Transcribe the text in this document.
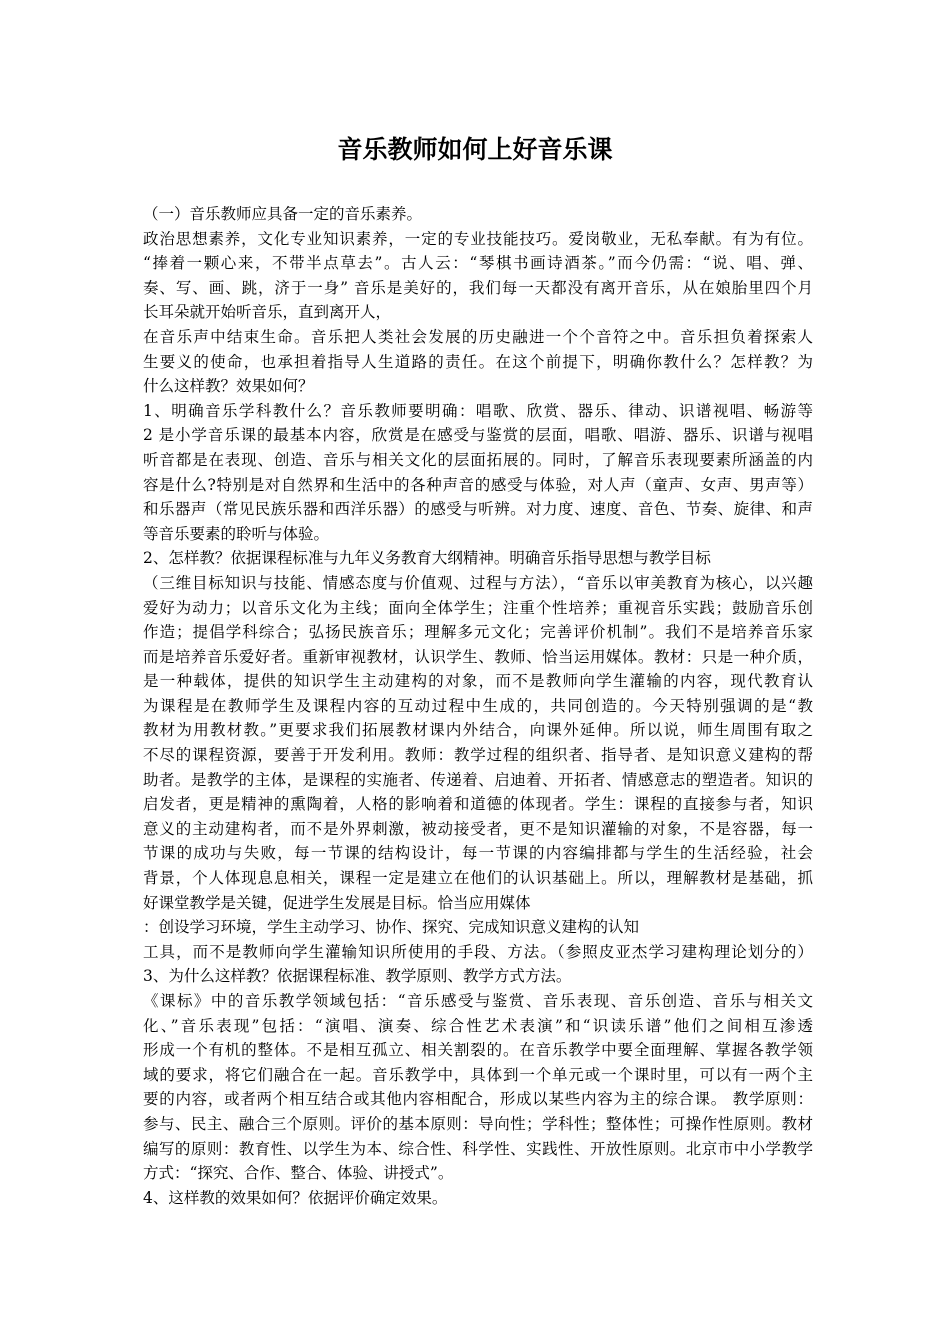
音乐教师如何上好音乐课
（一）音乐教师应具备一定的音乐素养。
政治思想素养，文化专业知识素养，一定的专业技能技巧。爱岗敬业，无私奉献。有为有位。
“捧着一颗心来，不带半点草去”。古人云：“琴棋书画诗酒茶。”而今仍需：“说、唱、弹、
奏、写、画、跳，济于一身” 音乐是美好的，我们每一天都没有离开音乐，从在娘胎里四个月
长耳朵就开始听音乐，直到离开人，
在音乐声中结束生命。音乐把人类社会发展的历史融进一个个音符之中。音乐担负着探索人
生要义的使命，也承担着指导人生道路的责任。在这个前提下，明确你教什么？怎样教？为
什么这样教？效果如何？
1、明确音乐学科教什么？音乐教师要明确：唱歌、欣赏、器乐、律动、识谱视唱、畅游等
2 是小学音乐课的最基本内容，欣赏是在感受与鉴赏的层面，唱歌、唱游、器乐、识谱与视唱
听音都是在表现、创造、音乐与相关文化的层面拓展的。同时，了解音乐表现要素所涵盖的内
容是什么?特别是对自然界和生活中的各种声音的感受与体验，对人声（童声、女声、男声等）
和乐器声（常见民族乐器和西洋乐器）的感受与听辨。对力度、速度、音色、节奏、旋律、和声
等音乐要素的聆听与体验。
2、怎样教？依据课程标准与九年义务教育大纲精神。明确音乐指导思想与教学目标
（三维目标知识与技能、情感态度与价值观、过程与方法），“音乐以审美教育为核心，以兴趣
爱好为动力；以音乐文化为主线；面向全体学生；注重个性培养；重视音乐实践；鼓励音乐创
作造；提倡学科综合；弘扬民族音乐；理解多元文化；完善评价机制”。我们不是培养音乐家
而是培养音乐爱好者。重新审视教材，认识学生、教师、恰当运用媒体。教材：只是一种介质，
是一种载体，提供的知识学生主动建构的对象，而不是教师向学生灌输的内容，现代教育认
为课程是在教师学生及课程内容的互动过程中生成的，共同创造的。今天特别强调的是“教
教材为用教材教。”更要求我们拓展教材课内外结合，向课外延伸。所以说，师生周围有取之
不尽的课程资源，要善于开发利用。教师：教学过程的组织者、指导者、是知识意义建构的帮
助者。是教学的主体，是课程的实施者、传递着、启迪着、开拓者、情感意志的塑造者。知识的
启发者，更是精神的熏陶着，人格的影响着和道德的体现者。学生：课程的直接参与者，知识
意义的主动建构者，而不是外界刺激，被动接受者，更不是知识灌输的对象，不是容器，每一
节课的成功与失败，每一节课的结构设计，每一节课的内容编排都与学生的生活经验，社会
背景，个人体现息息相关，课程一定是建立在他们的认识基础上。所以，理解教材是基础，抓
好课堂教学是关键，促进学生发展是目标。恰当应用媒体
：创设学习环境，学生主动学习、协作、探究、完成知识意义建构的认知
工具，而不是教师向学生灌输知识所使用的手段、方法。（参照皮亚杰学习建构理论划分的）
3、为什么这样教？依据课程标准、教学原则、教学方式方法。
《课标》中的音乐教学领域包括：“音乐感受与鉴赏、音乐表现、音乐创造、音乐与相关文
化、”音乐表现”包括：“演唱、演奏、综合性艺术表演”和“识读乐谱”他们之间相互渗透
形成一个有机的整体。不是相互孤立、相关割裂的。在音乐教学中要全面理解、掌握各教学领
域的要求，将它们融合在一起。音乐教学中，具体到一个单元或一个课时里，可以有一两个主
要的内容，或者两个相互结合或其他内容相配合，形成以某些内容为主的综合课。 教学原则：
参与、民主、融合三个原则。评价的基本原则：导向性；学科性；整体性；可操作性原则。教材
编写的原则：教育性、以学生为本、综合性、科学性、实践性、开放性原则。北京市中小学教学
方式：“探究、合作、整合、体验、讲授式”。
4、这样教的效果如何？依据评价确定效果。
